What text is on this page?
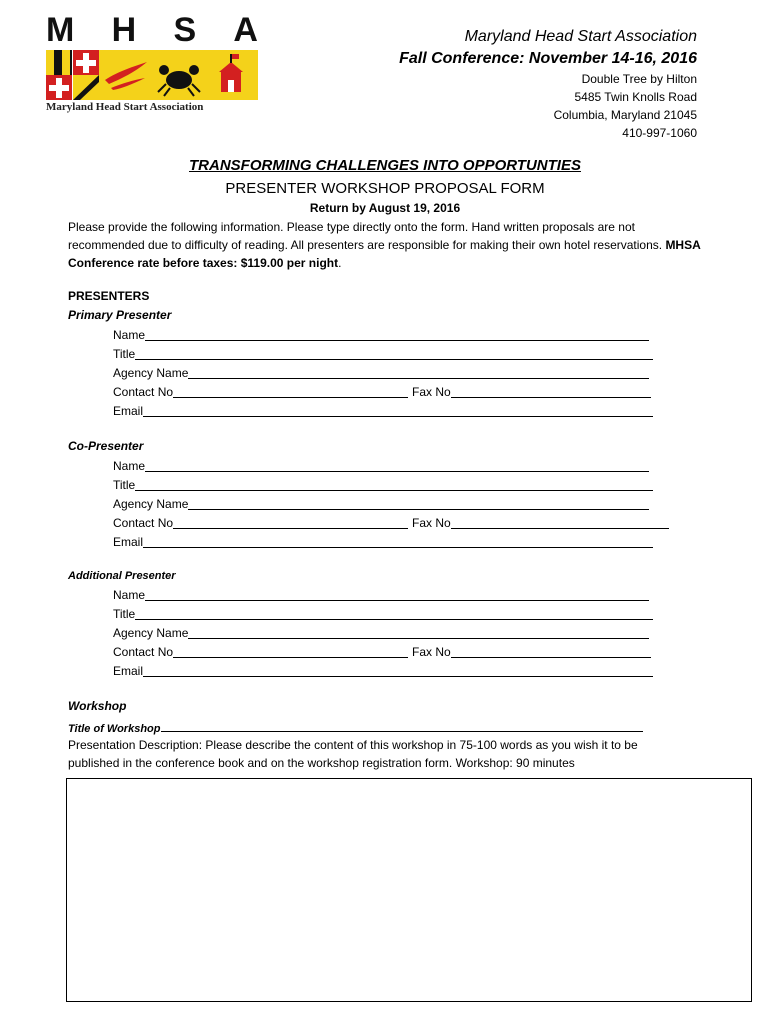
M H S A
Maryland Head Start Association
Maryland Head Start Association
Fall Conference: November 14-16, 2016
Double Tree by Hilton
5485 Twin Knolls Road
Columbia, Maryland 21045
410-997-1060
TRANSFORMING CHALLENGES INTO OPPORTUNTIES
PRESENTER WORKSHOP PROPOSAL FORM
Return by August 19, 2016
Please provide the following information. Please type directly onto the form. Hand written proposals are not recommended due to difficulty of reading. All presenters are responsible for making their own hotel reservations. MHSA Conference rate before taxes: $119.00 per night.
PRESENTERS
Primary Presenter
Name
Title
Agency Name
Contact No	Fax No
Email
Co-Presenter
Name
Title
Agency Name
Contact No	Fax No
Email
Additional Presenter
Name
Title
Agency Name
Contact No	Fax No
Email
Workshop
Title of Workshop
Presentation Description: Please describe the content of this workshop in 75-100 words as you wish it to be published in the conference book and on the workshop registration form. Workshop: 90 minutes
